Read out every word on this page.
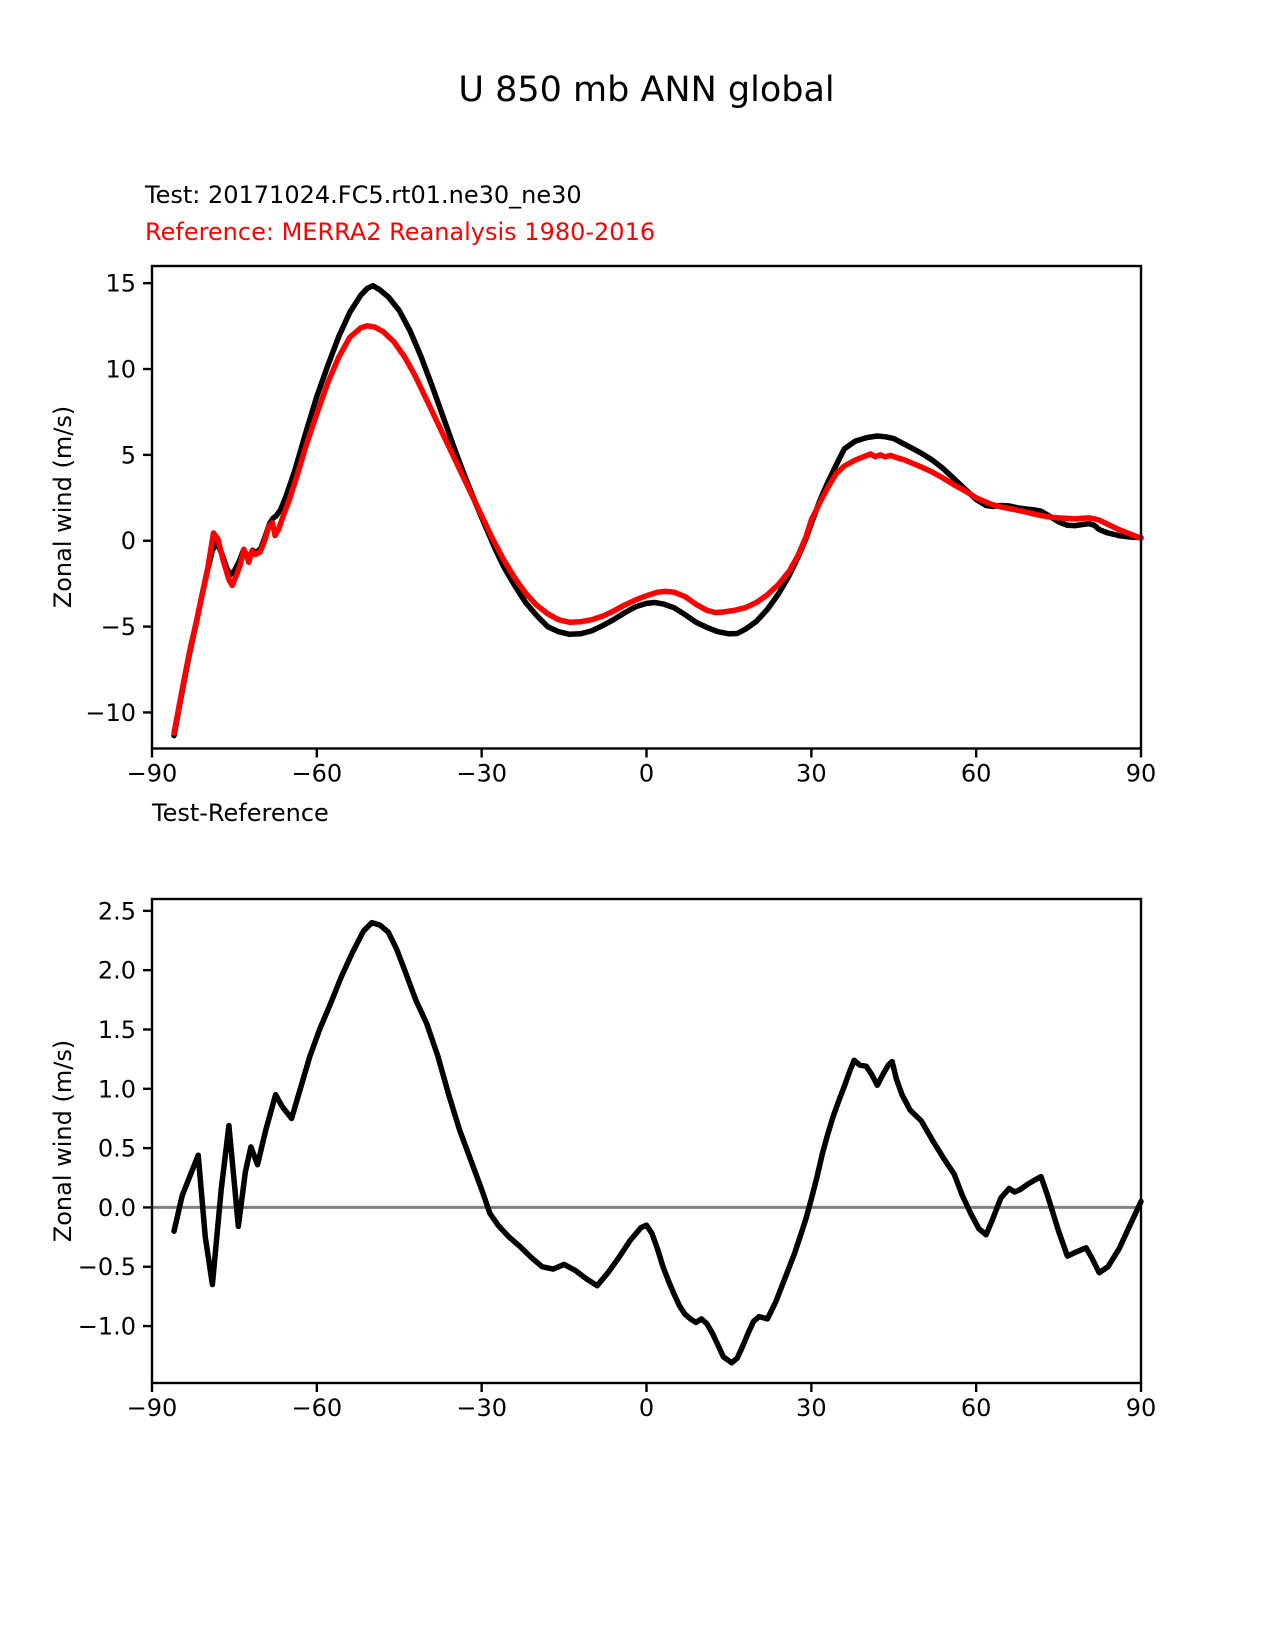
U 850 mb ANN global
Test: 20171024.FC5.rt01.ne30_ne30
Reference: MERRA2 Reanalysis 1980-2016
Zonal wind (m/s)
−90	−60	−30	0	30	60	90
15
10
5
0
−5
−10
Test-Reference
Zonal wind (m/s)
−90	−60	−30	0	30	60	90
2.5
2.0
1.5
1.0
0.5
0.0
−0.5
−1.0
